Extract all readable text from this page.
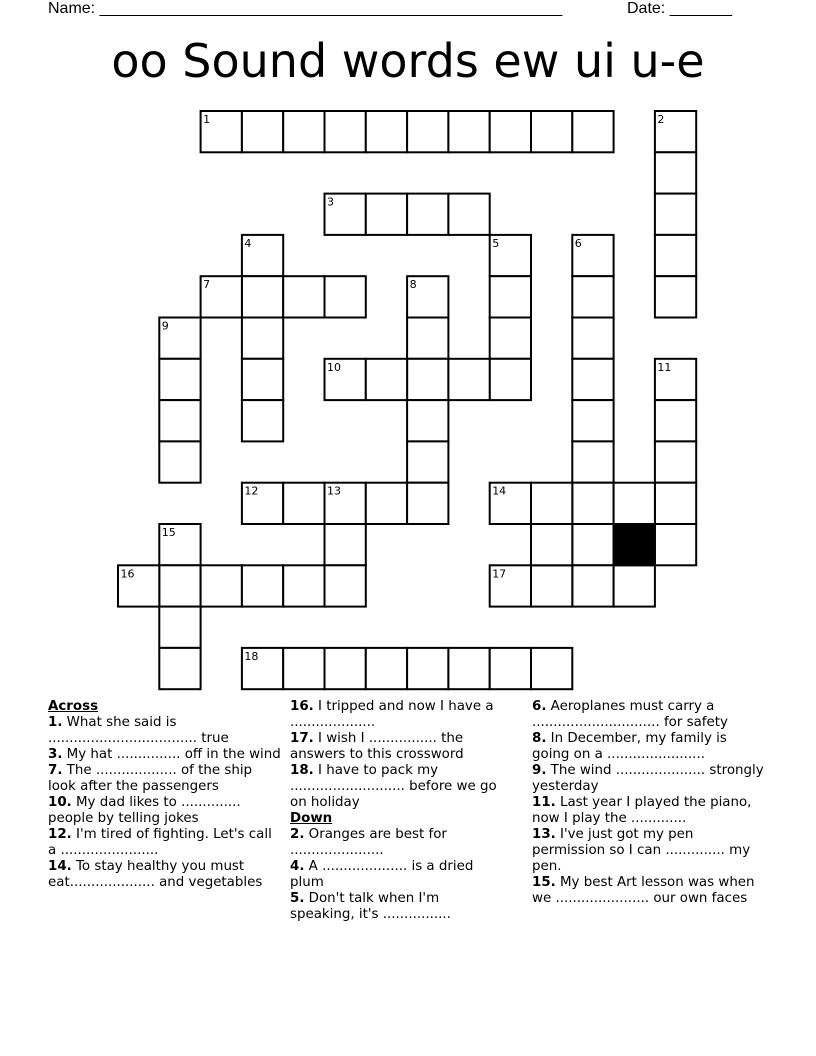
Name: ____________________________________________________	Date: _______
oo Sound words ew ui u-e
1	2
3
4	5	6
7	8
9
10	11
12	13	14
15
16	17
18
Across
1. What she said is ................................... true
3. My hat ............... off in the wind
7. The ................... of the ship look after the passengers
10. My dad likes to .............. people by telling jokes
12. I'm tired of fighting. Let's call a .......................
14. To stay healthy you must eat.................... and vegetables
16. I tripped and now I have a ....................
17. I wish I ................ the answers to this crossword
18. I have to pack my ........................... before we go on holiday
Down
2. Oranges are best for ......................
4. A .................... is a dried plum
5. Don't talk when I'm speaking, it's ................
6. Aeroplanes must carry a .............................. for safety
8. In December, my family is going on a .......................
9. The wind ..................... strongly yesterday
11. Last year I played the piano, now I play the .............
13. I've just got my pen permission so I can .............. my pen.
15. My best Art lesson was when we ...................... our own faces
